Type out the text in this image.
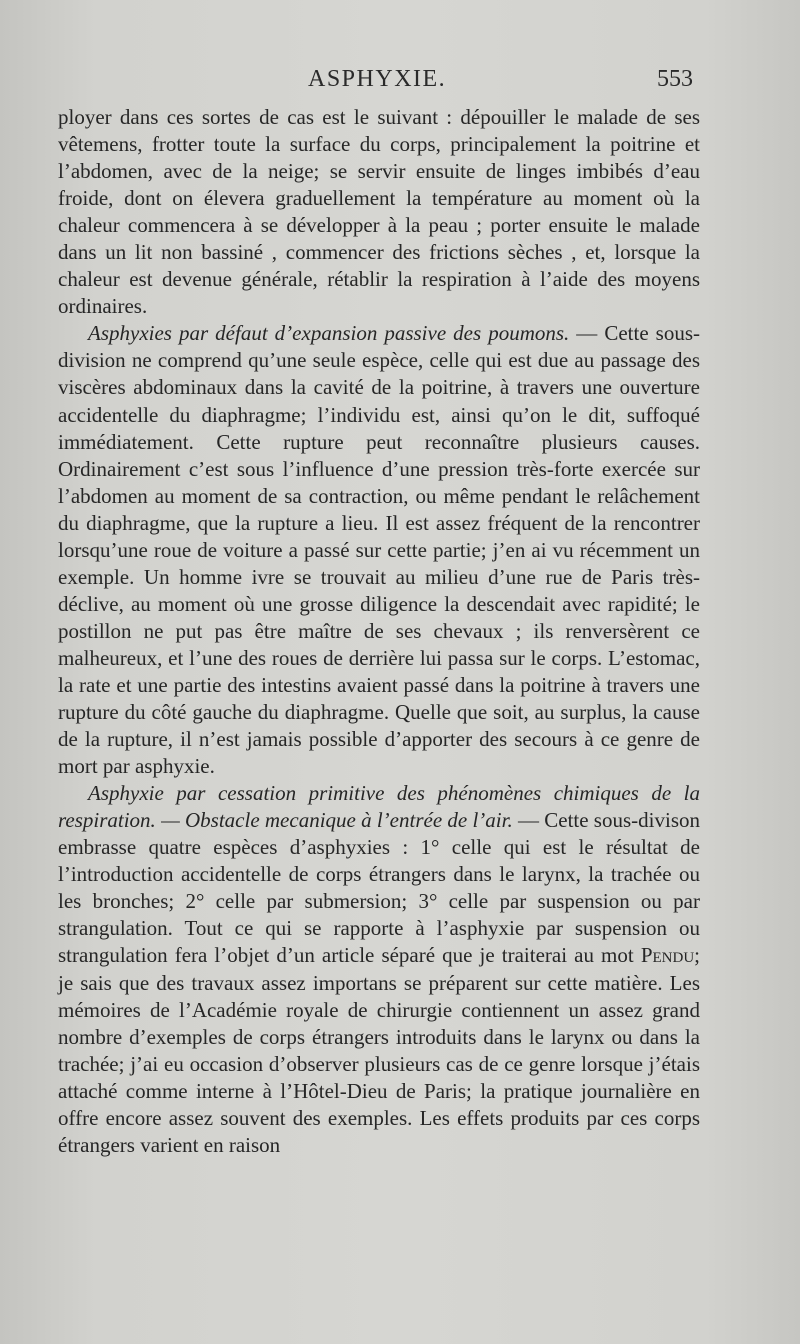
ASPHYXIE.	553

ployer dans ces sortes de cas est le suivant : dépouiller le malade de ses vêtemens, frotter toute la surface du corps, principalement la poitrine et l’abdomen, avec de la neige; se servir ensuite de linges imbibés d’eau froide, dont on élevera graduellement la température au moment où la chaleur commencera à se développer à la peau ; porter ensuite le malade dans un lit non bassiné , commencer des frictions sèches , et, lorsque la chaleur est devenue générale, rétablir la respiration à l’aide des moyens ordinaires.

Asphyxies par défaut d’expansion passive des poumons. — Cette sous-division ne comprend qu’une seule espèce, celle qui est due au passage des viscères abdominaux dans la cavité de la poitrine, à travers une ouverture accidentelle du diaphragme; l’individu est, ainsi qu’on le dit, suffoqué immédiatement. Cette rupture peut reconnaître plusieurs causes. Ordinairement c’est sous l’influence d’une pression très-forte exercée sur l’abdomen au moment de sa contraction, ou même pendant le relâchement du diaphragme, que la rupture a lieu. Il est assez fréquent de la rencontrer lorsqu’une roue de voiture a passé sur cette partie; j’en ai vu récemment un exemple. Un homme ivre se trouvait au milieu d’une rue de Paris très-déclive, au moment où une grosse diligence la descendait avec rapidité; le postillon ne put pas être maître de ses chevaux ; ils renversèrent ce malheureux, et l’une des roues de derrière lui passa sur le corps. L’estomac, la rate et une partie des intestins avaient passé dans la poitrine à travers une rupture du côté gauche du diaphragme. Quelle que soit, au surplus, la cause de la rupture, il n’est jamais possible d’apporter des secours à ce genre de mort par asphyxie.

Asphyxie par cessation primitive des phénomènes chimiques de la respiration. — Obstacle mecanique à l’entrée de l’air. — Cette sous-divison embrasse quatre espèces d’asphyxies : 1° celle qui est le résultat de l’introduction accidentelle de corps étrangers dans le larynx, la trachée ou les bronches; 2° celle par submersion; 3° celle par suspension ou par strangulation. Tout ce qui se rapporte à l’asphyxie par suspension ou strangulation fera l’objet d’un article séparé que je traiterai au mot Pendu; je sais que des travaux assez importans se préparent sur cette matière. Les mémoires de l’Académie royale de chirurgie contiennent un assez grand nombre d’exemples de corps étrangers introduits dans le larynx ou dans la trachée; j’ai eu occasion d’observer plusieurs cas de ce genre lorsque j’étais attaché comme interne à l’Hôtel-Dieu de Paris; la pratique journalière en offre encore assez souvent des exemples. Les effets produits par ces corps étrangers varient en raison
